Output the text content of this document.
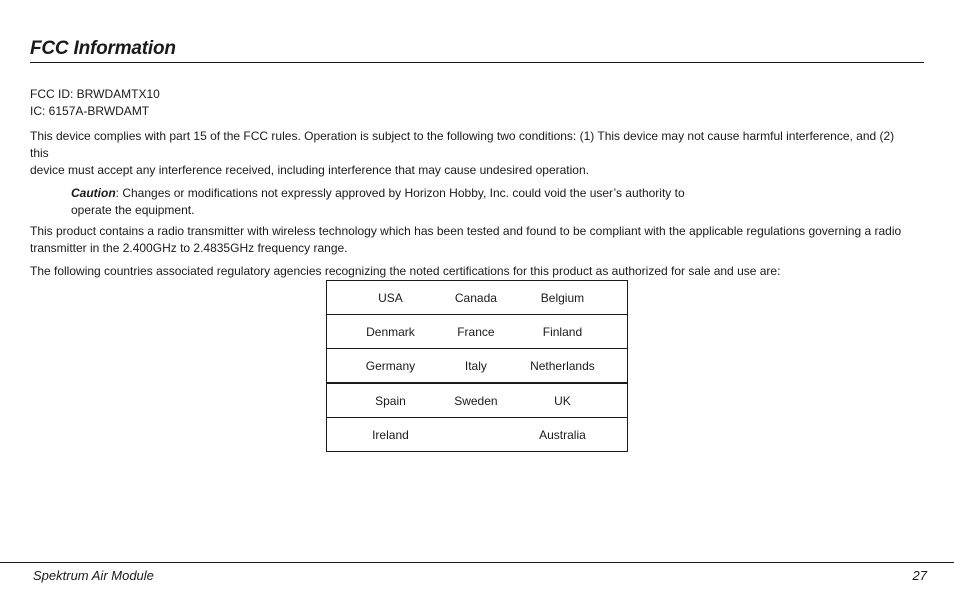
FCC Information
FCC ID: BRWDAMTX10
IC: 6157A-BRWDAMT

This device complies with part 15 of the FCC rules. Operation is subject to the following two conditions: (1) This device may not cause harmful interference, and (2) this
device must accept any interference received, including interference that may cause undesired operation.

Caution: Changes or modifications not expressly approved by Horizon Hobby, Inc. could void the user’s authority to
operate the equipment.

This product contains a radio transmitter with wireless technology which has been tested and found to be compliant with the applicable regulations governing a radio
transmitter in the 2.400GHz to 2.4835GHz frequency range.

The following countries associated regulatory agencies recognizing the noted certifications for this product as authorized for sale and use are:

USA	Canada	Belgium
Denmark	France	Finland
Germany	Italy	Netherlands
Spain	Sweden	UK
Ireland		Australia
Spektrum Air Module	27
